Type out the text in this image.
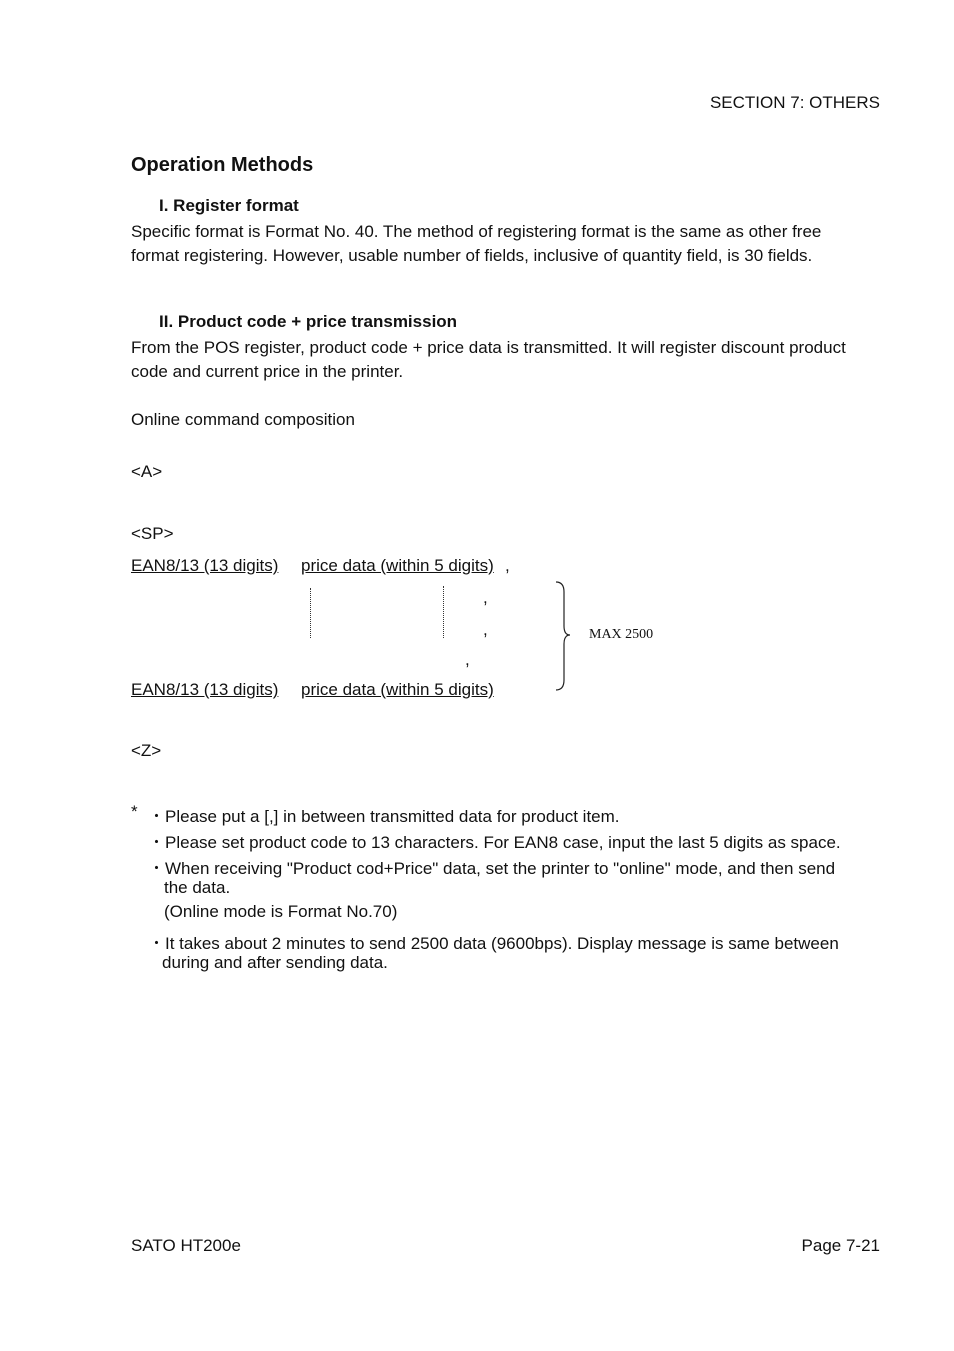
SECTION 7: OTHERS
Operation Methods
I. Register format
Specific format is Format No. 40. The method of registering format is the same as other free
format registering. However, usable number of fields, inclusive of quantity field, is 30 fields.
II. Product code + price transmission
From the POS register, product code + price data is transmitted. It will register discount product
code and current price in the printer.
Online command composition
<A>
<SP>
EAN8/13 (13 digits) price data (within 5 digits) ,
,
,
,
MAX 2500
EAN8/13 (13 digits) price data (within 5 digits)
<Z>
* ・Please put a [,] in between transmitted data for product item.
・Please set product code to 13 characters. For EAN8 case, input the last 5 digits as space.
・When receiving "Product cod+Price" data, set the printer to "online" mode, and then send
the data.
(Online mode is Format No.70)
・It takes about 2 minutes to send 2500 data (9600bps). Display message is same between
during and after sending data.
SATO HT200e	Page 7-21
